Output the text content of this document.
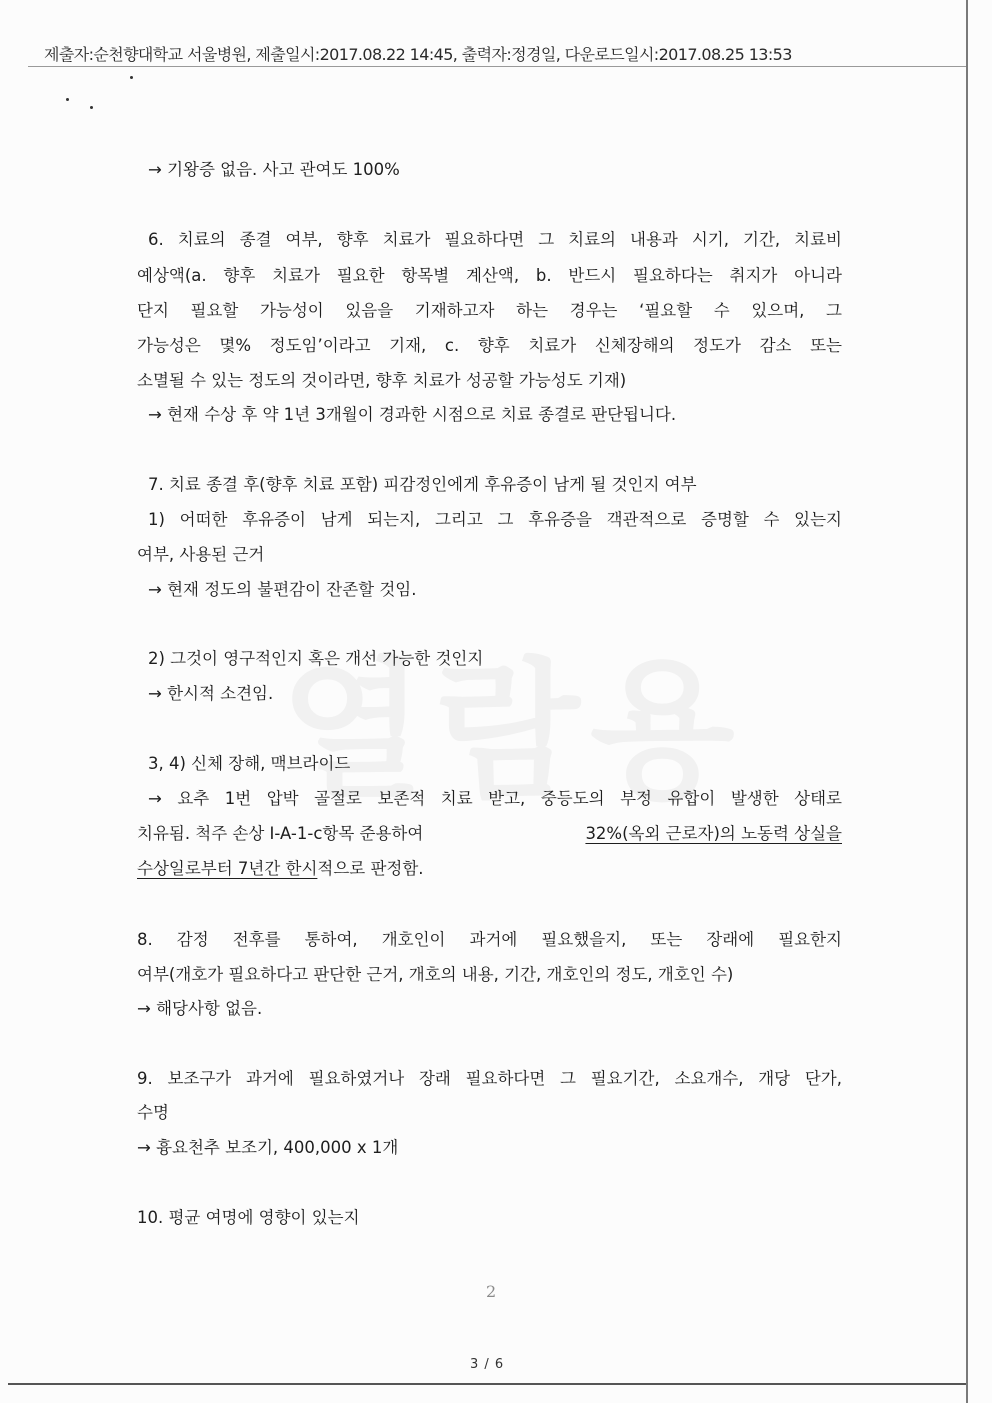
제출자:순천향대학교 서울병원, 제출일시:2017.08.22 14:45, 출력자:정경일, 다운로드일시:2017.08.25 13:53
→ 기왕증 없음. 사고 관여도 100%
6. 치료의 종결 여부, 향후 치료가 필요하다면 그 치료의 내용과 시기, 기간, 치료비
예상액(a. 향후 치료가 필요한 항목별 계산액, b. 반드시 필요하다는 취지가 아니라
단지 필요할 가능성이 있음을 기재하고자 하는 경우는 ‘필요할 수 있으며, 그
가능성은 몇% 정도임’이라고 기재, c. 향후 치료가 신체장해의 정도가 감소 또는
소멸될 수 있는 정도의 것이라면, 향후 치료가 성공할 가능성도 기재)
→ 현재 수상 후 약 1년 3개월이 경과한 시점으로 치료 종결로 판단됩니다.
7. 치료 종결 후(향후 치료 포함) 피감정인에게 후유증이 남게 될 것인지 여부
1) 어떠한 후유증이 남게 되는지, 그리고 그 후유증을 객관적으로 증명할 수 있는지
여부, 사용된 근거
→ 현재 정도의 불편감이 잔존할 것임.
2) 그것이 영구적인지 혹은 개선 가능한 것인지
→ 한시적 소견임.
3, 4) 신체 장해, 맥브라이드
→ 요추 1번 압박 골절로 보존적 치료 받고, 중등도의 부정 유합이 발생한 상태로
치유됨. 척주 손상 I-A-1-c항목 준용하여	32%(옥외 근로자)의 노동력 상실을
수상일로부터 7년간 한시적으로 판정함.
8. 감정 전후를 통하여, 개호인이 과거에 필요했을지, 또는 장래에 필요한지
여부(개호가 필요하다고 판단한 근거, 개호의 내용, 기간, 개호인의 정도, 개호인 수)
→ 해당사항 없음.
9. 보조구가 과거에 필요하였거나 장래 필요하다면 그 필요기간, 소요개수, 개당 단가,
수명
→ 흉요천추 보조기, 400,000 x 1개
10. 평균 여명에 영향이 있는지
2
3 / 6
